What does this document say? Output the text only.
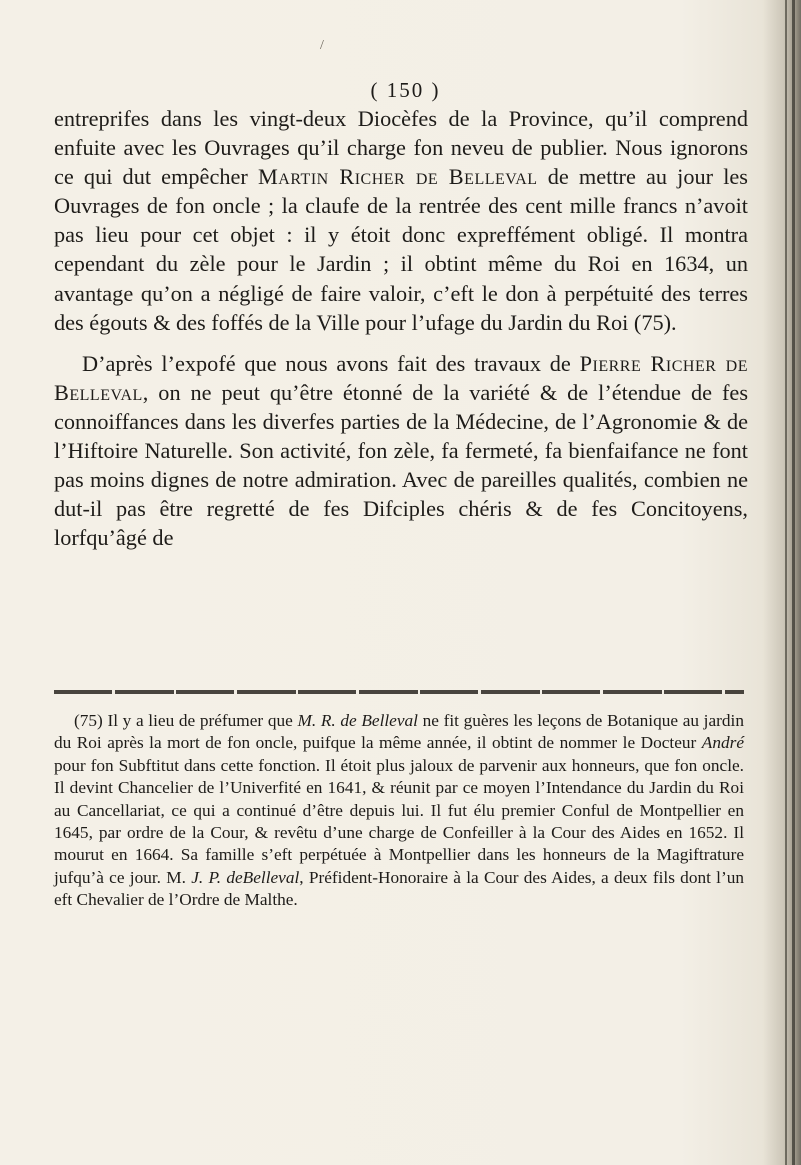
/
( 150 )

entreprifes dans les vingt-deux Diocèfes de la Province, qu’il comprend enfuite avec les Ouvrages qu’il charge fon neveu de publier. Nous ignorons ce qui dut empêcher Martin Richer de Belleval de mettre au jour les Ouvrages de fon oncle ; la claufe de la rentrée des cent mille francs n’avoit pas lieu pour cet objet : il y étoit donc expreffément obligé. Il montra cependant du zèle pour le Jardin ; il obtint même du Roi en 1634, un avantage qu’on a négligé de faire valoir, c’eft le don à perpétuité des terres des égouts & des foffés de la Ville pour l’ufage du Jardin du Roi (75).

D’après l’expofé que nous avons fait des travaux de Pierre Richer de Belleval, on ne peut qu’être étonné de la variété & de l’étendue de fes connoiffances dans les diverfes parties de la Médecine, de l’Agronomie & de l’Hiftoire Naturelle. Son activité, fon zèle, fa fermeté, fa bienfaifance ne font pas moins dignes de notre admiration. Avec de pareilles qualités, combien ne dut-il pas être regretté de fes Difciples chéris & de fes Concitoyens, lorfqu’âgé de

(75) Il y a lieu de préfumer que M. R. de Belleval ne fit guères les leçons de Botanique au jardin du Roi après la mort de fon oncle, puifque la même année, il obtint de nommer le Docteur André pour fon Subftitut dans cette fonction. Il étoit plus jaloux de parvenir aux honneurs, que fon oncle. Il devint Chancelier de l’Univerfité en 1641, & réunit par ce moyen l’Intendance du Jardin du Roi au Cancellariat, ce qui a continué d’être depuis lui. Il fut élu premier Conful de Montpellier en 1645, par ordre de la Cour, & revêtu d’une charge de Confeiller à la Cour des Aides en 1652. Il mourut en 1664. Sa famille s’eft perpétuée à Montpellier dans les honneurs de la Magiftrature jufqu’à ce jour. M. J. P. deBelleval, Préfident-Honoraire à la Cour des Aides, a deux fils dont l’un eft Chevalier de l’Ordre de Malthe.
